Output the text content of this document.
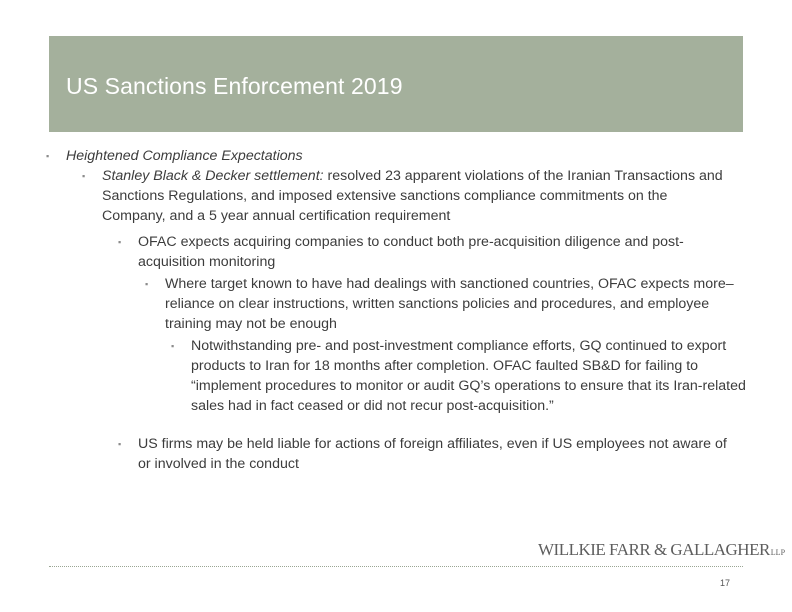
US Sanctions Enforcement 2019
▪ Heightened Compliance Expectations
▪ Stanley Black & Decker settlement: resolved 23 apparent violations of the Iranian Transactions and Sanctions Regulations, and imposed extensive sanctions compliance commitments on the Company, and a 5 year annual certification requirement
▪ OFAC expects acquiring companies to conduct both pre-acquisition diligence and post-acquisition monitoring
▪ Where target known to have had dealings with sanctioned countries, OFAC expects more– reliance on clear instructions, written sanctions policies and procedures, and employee training may not be enough
▪ Notwithstanding pre- and post-investment compliance efforts, GQ continued to export products to Iran for 18 months after completion. OFAC faulted SB&D for failing to “implement procedures to monitor or audit GQ’s operations to ensure that its Iran-related sales had in fact ceased or did not recur post-acquisition.”
▪ US firms may be held liable for actions of foreign affiliates, even if US employees not aware of or involved in the conduct
WILLKIE FARR & GALLAGHERLLP
17
